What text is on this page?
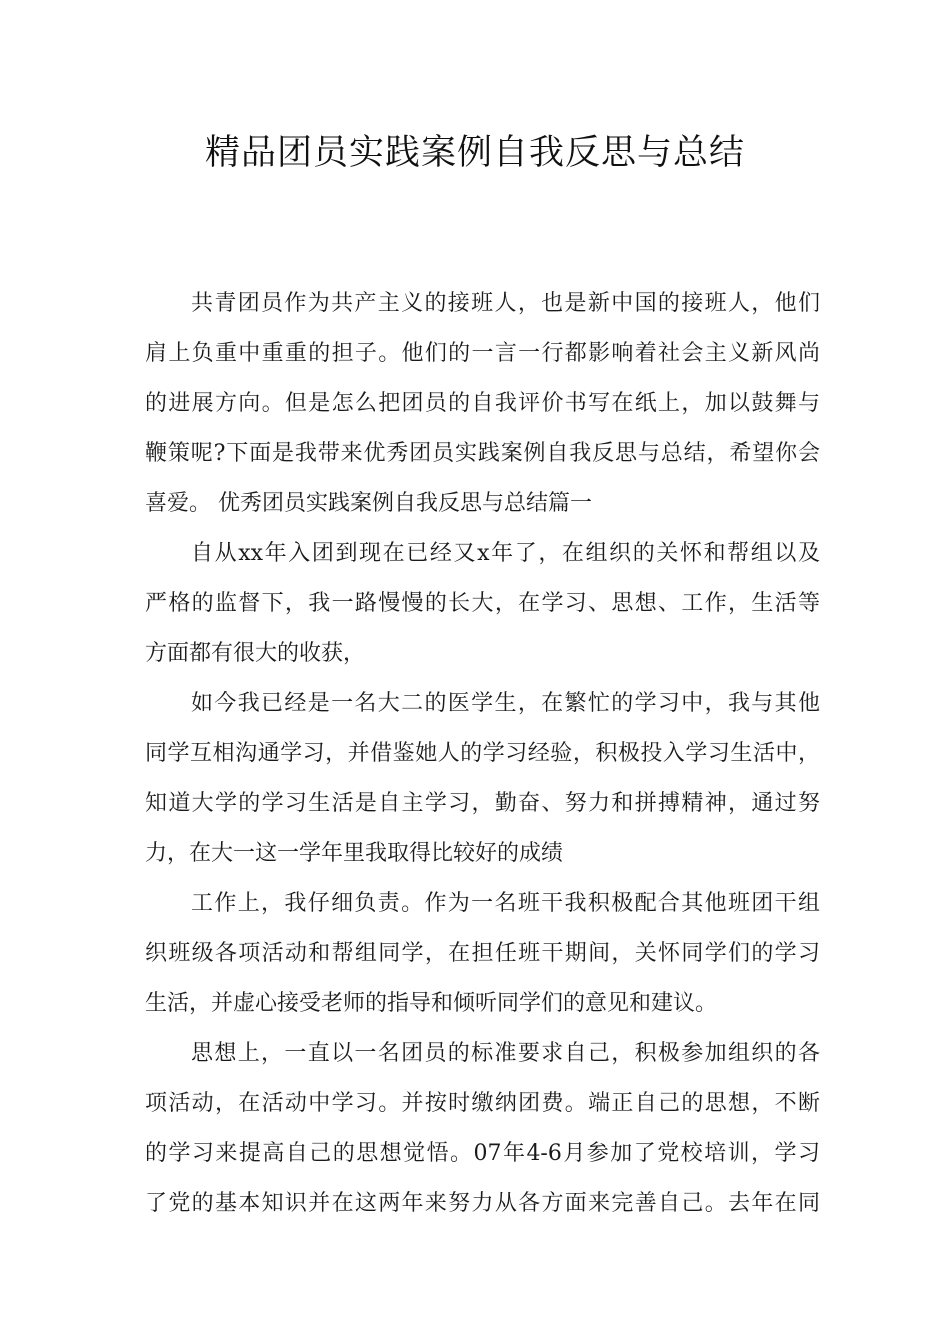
精品团员实践案例自我反思与总结
共青团员作为共产主义的接班人，也是新中国的接班人，他们
肩上负重中重重的担子。他们的一言一行都影响着社会主义新风尚
的进展方向。但是怎么把团员的自我评价书写在纸上，加以鼓舞与
鞭策呢?下面是我带来优秀团员实践案例自我反思与总结，希望你会
喜爱。 优秀团员实践案例自我反思与总结篇一
自从xx年入团到现在已经又x年了，在组织的关怀和帮组以及
严格的监督下，我一路慢慢的长大，在学习、思想、工作，生活等
方面都有很大的收获，
如今我已经是一名大二的医学生，在繁忙的学习中，我与其他
同学互相沟通学习，并借鉴她人的学习经验，积极投入学习生活中，
知道大学的学习生活是自主学习，勤奋、努力和拼搏精神，通过努
力，在大一这一学年里我取得比较好的成绩
工作上，我仔细负责。作为一名班干我积极配合其他班团干组
织班级各项活动和帮组同学，在担任班干期间，关怀同学们的学习
生活，并虚心接受老师的指导和倾听同学们的意见和建议。
思想上，一直以一名团员的标准要求自己，积极参加组织的各
项活动，在活动中学习。并按时缴纳团费。端正自己的思想，不断
的学习来提高自己的思想觉悟。07年4-6月参加了党校培训，学习
了党的基本知识并在这两年来努力从各方面来完善自己。去年在同
